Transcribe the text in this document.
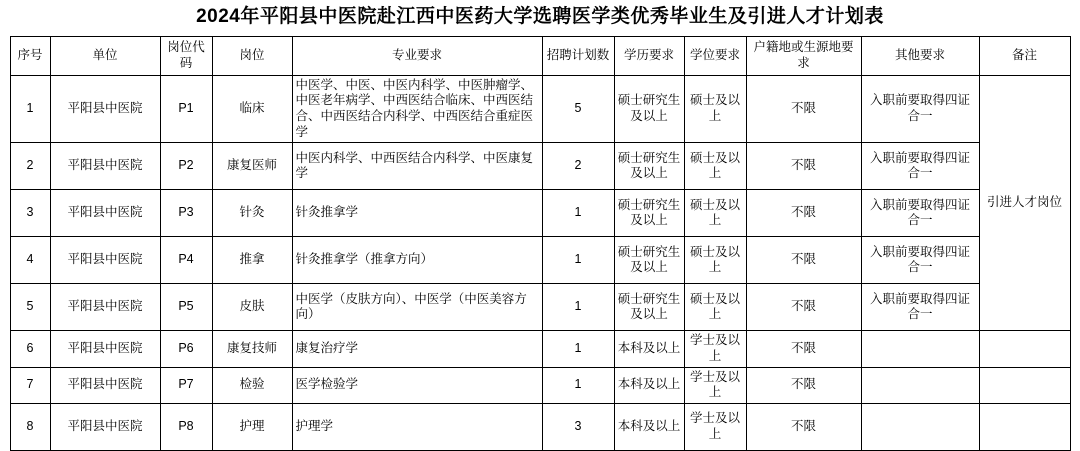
2024年平阳县中医院赴江西中医药大学选聘医学类优秀毕业生及引进人才计划表
序号	单位	岗位代码	岗位	专业要求	招聘计划数	学历要求	学位要求	户籍地或生源地要求	其他要求	备注
1	平阳县中医院	P1	临床	中医学、中医、中医内科学、中医肿瘤学、中医老年病学、中西医结合临床、中西医结合、中西医结合内科学、中西医结合重症医学	5	硕士研究生及以上	硕士及以上	不限	入职前要取得四证合一	引进人才岗位
2	平阳县中医院	P2	康复医师	中医内科学、中西医结合内科学、中医康复学	2	硕士研究生及以上	硕士及以上	不限	入职前要取得四证合一	
3	平阳县中医院	P3	针灸	针灸推拿学	1	硕士研究生及以上	硕士及以上	不限	入职前要取得四证合一	
4	平阳县中医院	P4	推拿	针灸推拿学（推拿方向）	1	硕士研究生及以上	硕士及以上	不限	入职前要取得四证合一	
5	平阳县中医院	P5	皮肤	中医学（皮肤方向）、中医学（中医美容方向）	1	硕士研究生及以上	硕士及以上	不限	入职前要取得四证合一	
6	平阳县中医院	P6	康复技师	康复治疗学	1	本科及以上	学士及以上	不限		
7	平阳县中医院	P7	检验	医学检验学	1	本科及以上	学士及以上	不限		
8	平阳县中医院	P8	护理	护理学	3	本科及以上	学士及以上	不限		
